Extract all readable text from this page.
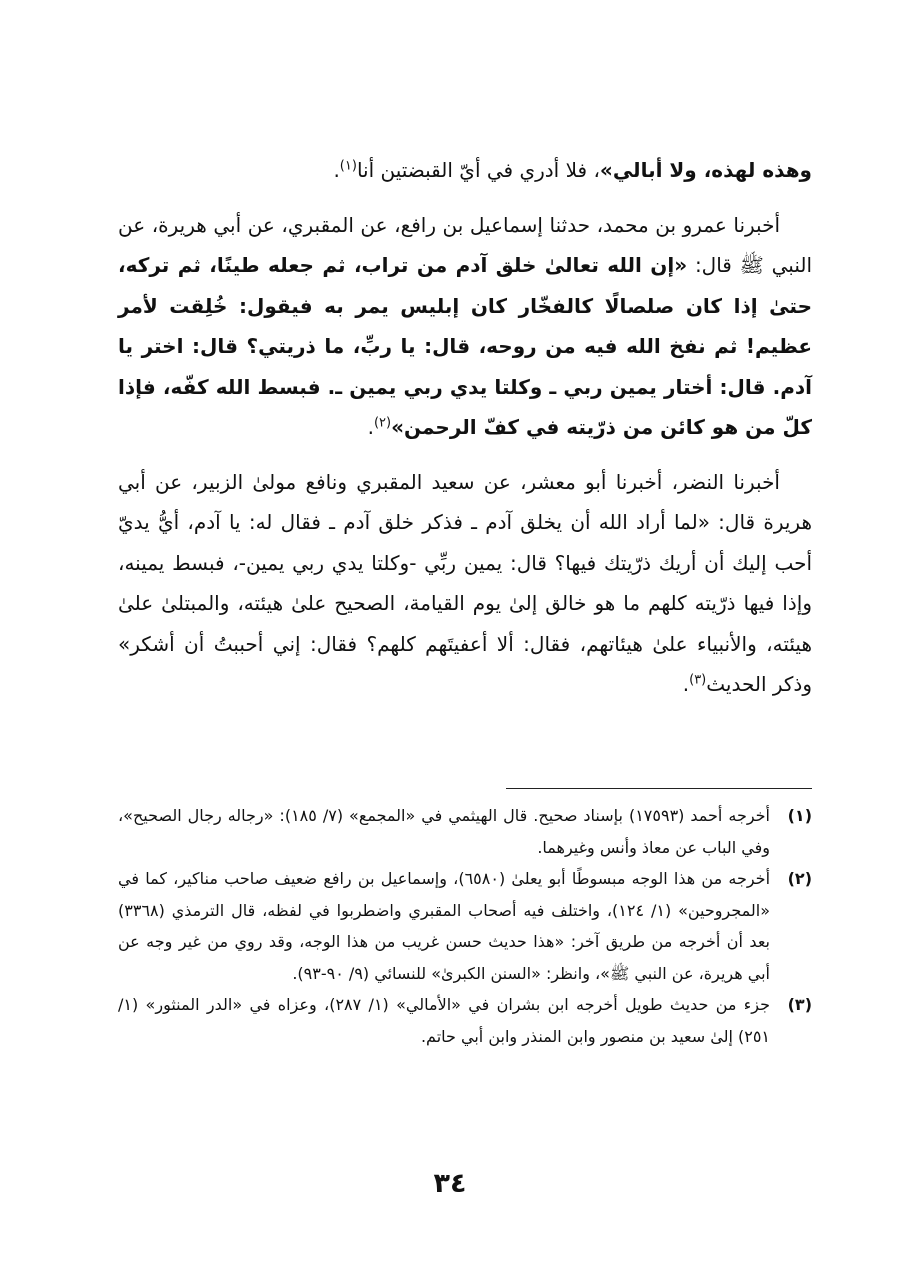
وهذه لهذه، ولا أبالي»، فلا أدري في أيّ القبضتين أنا$^{(١)}$.

أخبرنا عمرو بن محمد، حدثنا إسماعيل بن رافع، عن المقبري، عن أبي هريرة، عن النبي ﷺ قال: «إن الله تعالىٰ خلق آدم من تراب، ثم جعله طينًا، ثم تركه، حتىٰ إذا كان صلصالًا كالفخّار كان إبليس يمر به فيقول: خُلِقت لأمر عظيم! ثم نفخ الله فيه من روحه، قال: يا ربِّ، ما ذريتي؟ قال: اختر يا آدم. قال: أختار يمين ربي ـ وكلتا يدي ربي يمين ـ. فبسط الله كفّه، فإذا كلّ من هو كائن من ذرّيته في كفّ الرحمن»$^{(٢)}$.

أخبرنا النضر، أخبرنا أبو معشر، عن سعيد المقبري ونافع مولىٰ الزبير، عن أبي هريرة قال: «لما أراد الله أن يخلق آدم ـ فذكر خلق آدم ـ فقال له: يا آدم، أيُّ يديّ أحب إليك أن أريك ذرّيتك فيها؟ قال: يمين ربِّي -وكلتا يدي ربي يمين-، فبسط يمينه، وإذا فيها ذرّيته كلهم ما هو خالق إلىٰ يوم القيامة، الصحيح علىٰ هيئته، والمبتلىٰ علىٰ هيئته، والأنبياء علىٰ هيئاتهم، فقال: ألا أعفيتَهم كلهم؟ فقال: إني أحببتُ أن أشكر» وذكر الحديث$^{(٣)}$.

(١)
أخرجه أحمد (١٧٥٩٣) بإسناد صحيح. قال الهيثمي في «المجمع» (٧/ ١٨٥): «رجاله رجال الصحيح»، وفي الباب عن معاذ وأنس وغيرهما.
(٢)
أخرجه من هذا الوجه مبسوطًا أبو يعلىٰ (٦٥٨٠)، وإسماعيل بن رافع ضعيف صاحب مناكير، كما في «المجروحين» (١/ ١٢٤)، واختلف فيه أصحاب المقبري واضطربوا في لفظه، قال الترمذي (٣٣٦٨) بعد أن أخرجه من طريق آخر: «هذا حديث حسن غريب من هذا الوجه، وقد روي من غير وجه عن أبي هريرة، عن النبي ﷺ»، وانظر: «السنن الكبرىٰ» للنسائي (٩/ ٩٠-٩٣).
(٣)
جزء من حديث طويل أخرجه ابن بشران في «الأمالي» (١/ ٢٨٧)، وعزاه في «الدر المنثور» (١/ ٢٥١) إلىٰ سعيد بن منصور وابن المنذر وابن أبي حاتم.
٣٤
